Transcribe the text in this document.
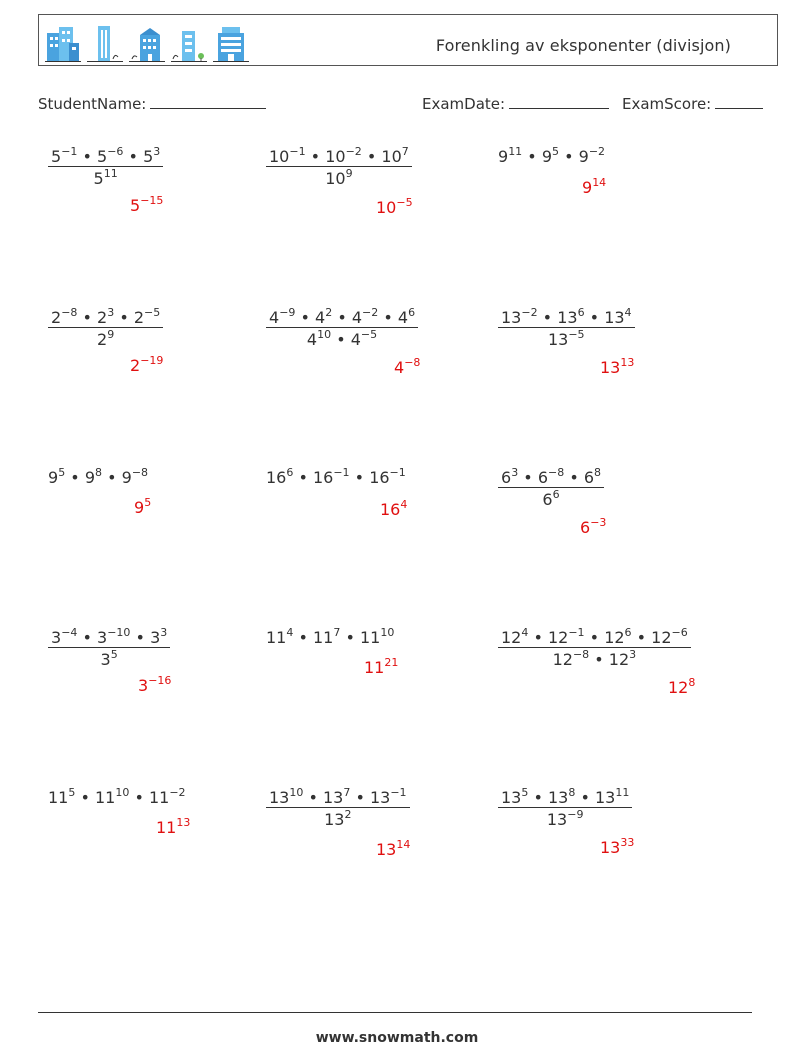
Forenkling av eksponenter (divisjon)
StudentName:	ExamDate:	ExamScore:
$\frac{5^{-1} • 5^{-6} • 5^3}{5^{11}}$
$5^{-15}$
$\frac{10^{-1} • 10^{-2} • 10^7}{10^9}$
$10^{-5}$
$9^{11}$ • $9^5$ • $9^{-2}$
$9^{14}$
$\frac{2^{-8} • 2^3 • 2^{-5}}{2^9}$
$2^{-19}$
$\frac{4^{-9} • 4^2 • 4^{-2} • 4^6}{4^{10} • 4^{-5}}$
$4^{-8}$
$\frac{13^{-2} • 13^6 • 13^4}{13^{-5}}$
$13^{13}$
$9^5$ • $9^8$ • $9^{-8}$
$9^5$
$16^6$ • $16^{-1}$ • $16^{-1}$
$16^4$	$\frac{6^3 • 6^{-8} • 6^8}{6^6}$
$6^{-3}$
$\frac{3^{-4} • 3^{-10} • 3^3}{3^5}$
$3^{-16}$
$11^4$ • $11^7$ • $11^{10}$
$11^{21}$	$\frac{12^4 • 12^{-1} • 12^6 • 12^{-6}}{12^{-8} • 12^3}$
$12^8$
$11^5$ • $11^{10}$ • $11^{-2}$
$11^{13}$	$\frac{13^{10} • 13^7 • 13^{-1}}{13^2}$
$13^{14}$
$\frac{13^5 • 13^8 • 13^{11}}{13^{-9}}$
$13^{33}$
www.snowmath.com
